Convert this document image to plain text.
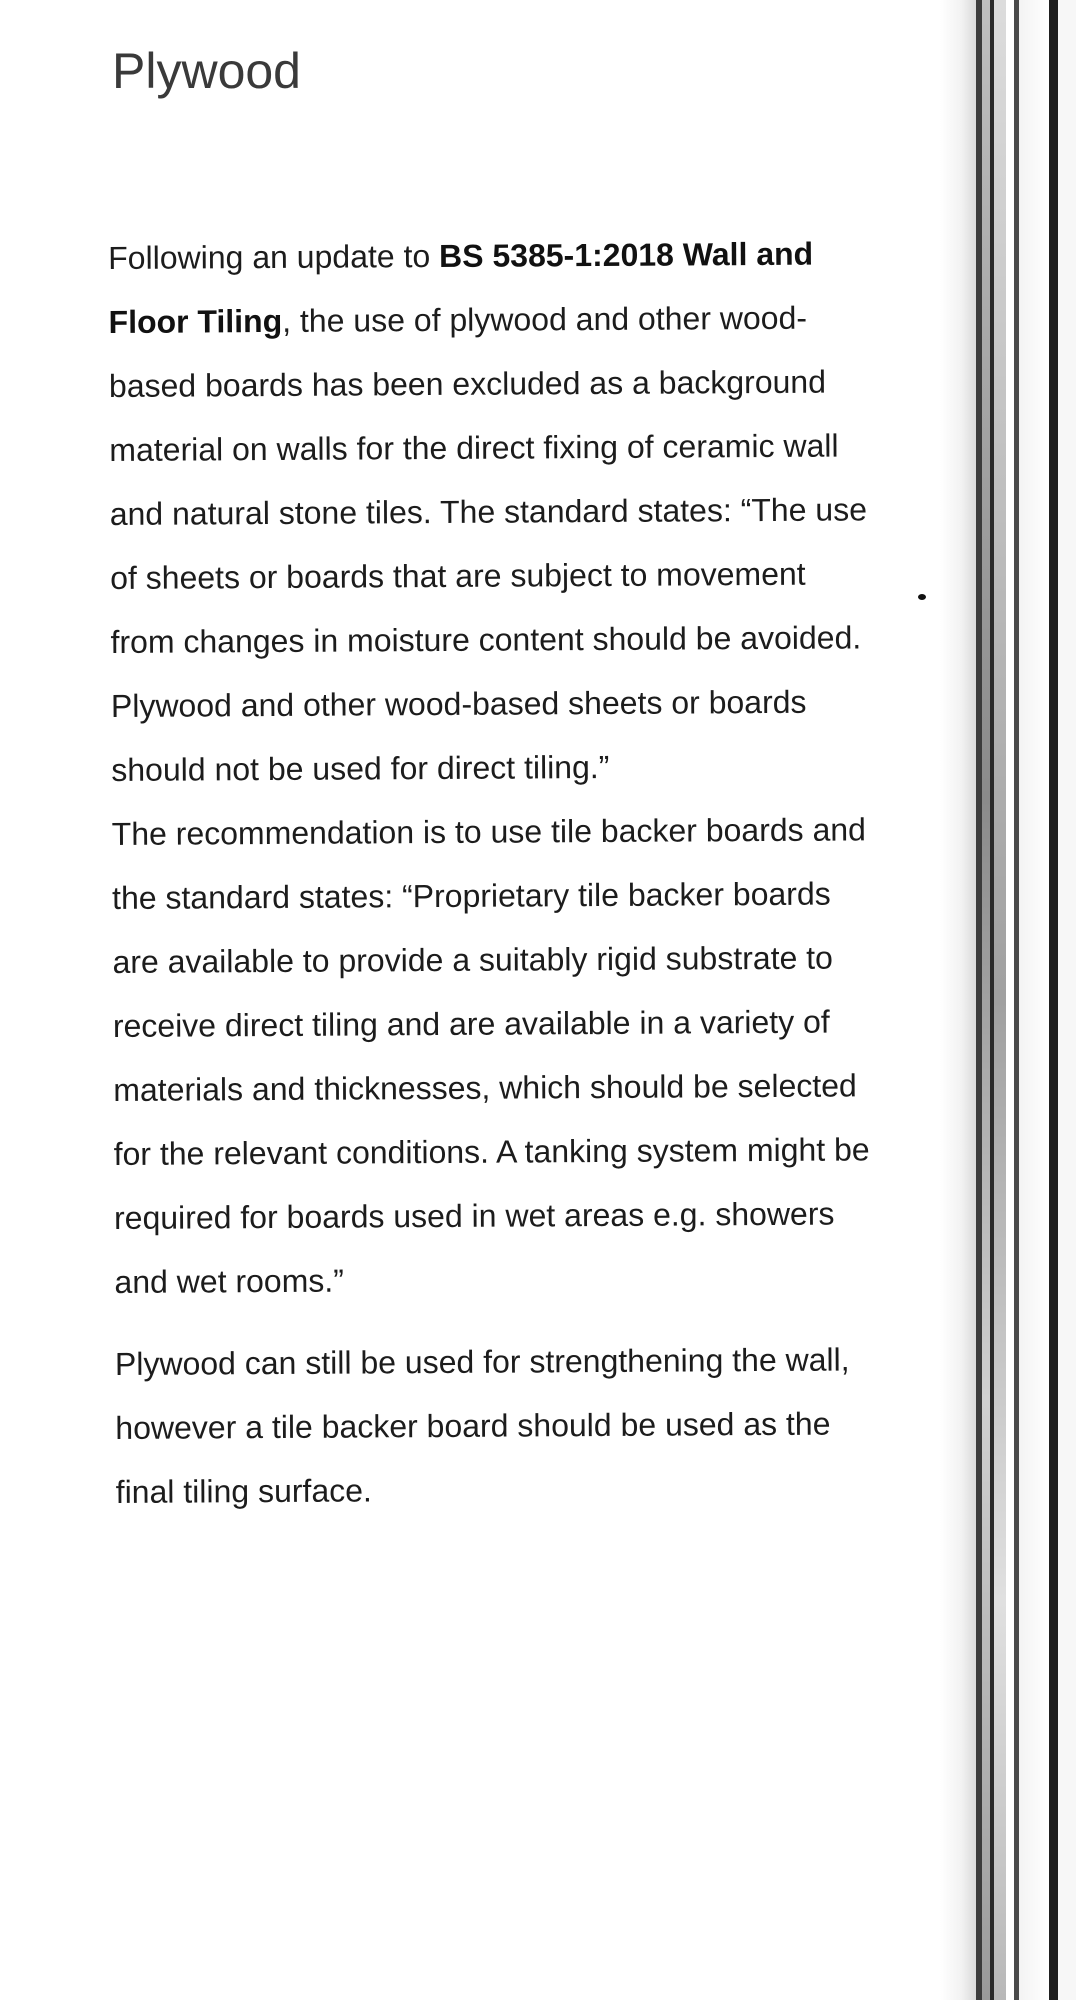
Plywood

Following an update to BS 5385-1:2018 Wall and Floor Tiling, the use of plywood and other wood-based boards has been excluded as a background material on walls for the direct fixing of ceramic wall and natural stone tiles. The standard states: “The use of sheets or boards that are subject to movement from changes in moisture content should be avoided. Plywood and other wood-based sheets or boards should not be used for direct tiling.”

The recommendation is to use tile backer boards and the standard states: “Proprietary tile backer boards are available to provide a suitably rigid substrate to receive direct tiling and are available in a variety of materials and thicknesses, which should be selected for the relevant conditions. A tanking system might be required for boards used in wet areas e.g. showers and wet rooms.”

Plywood can still be used for strengthening the wall, however a tile backer board should be used as the final tiling surface.
